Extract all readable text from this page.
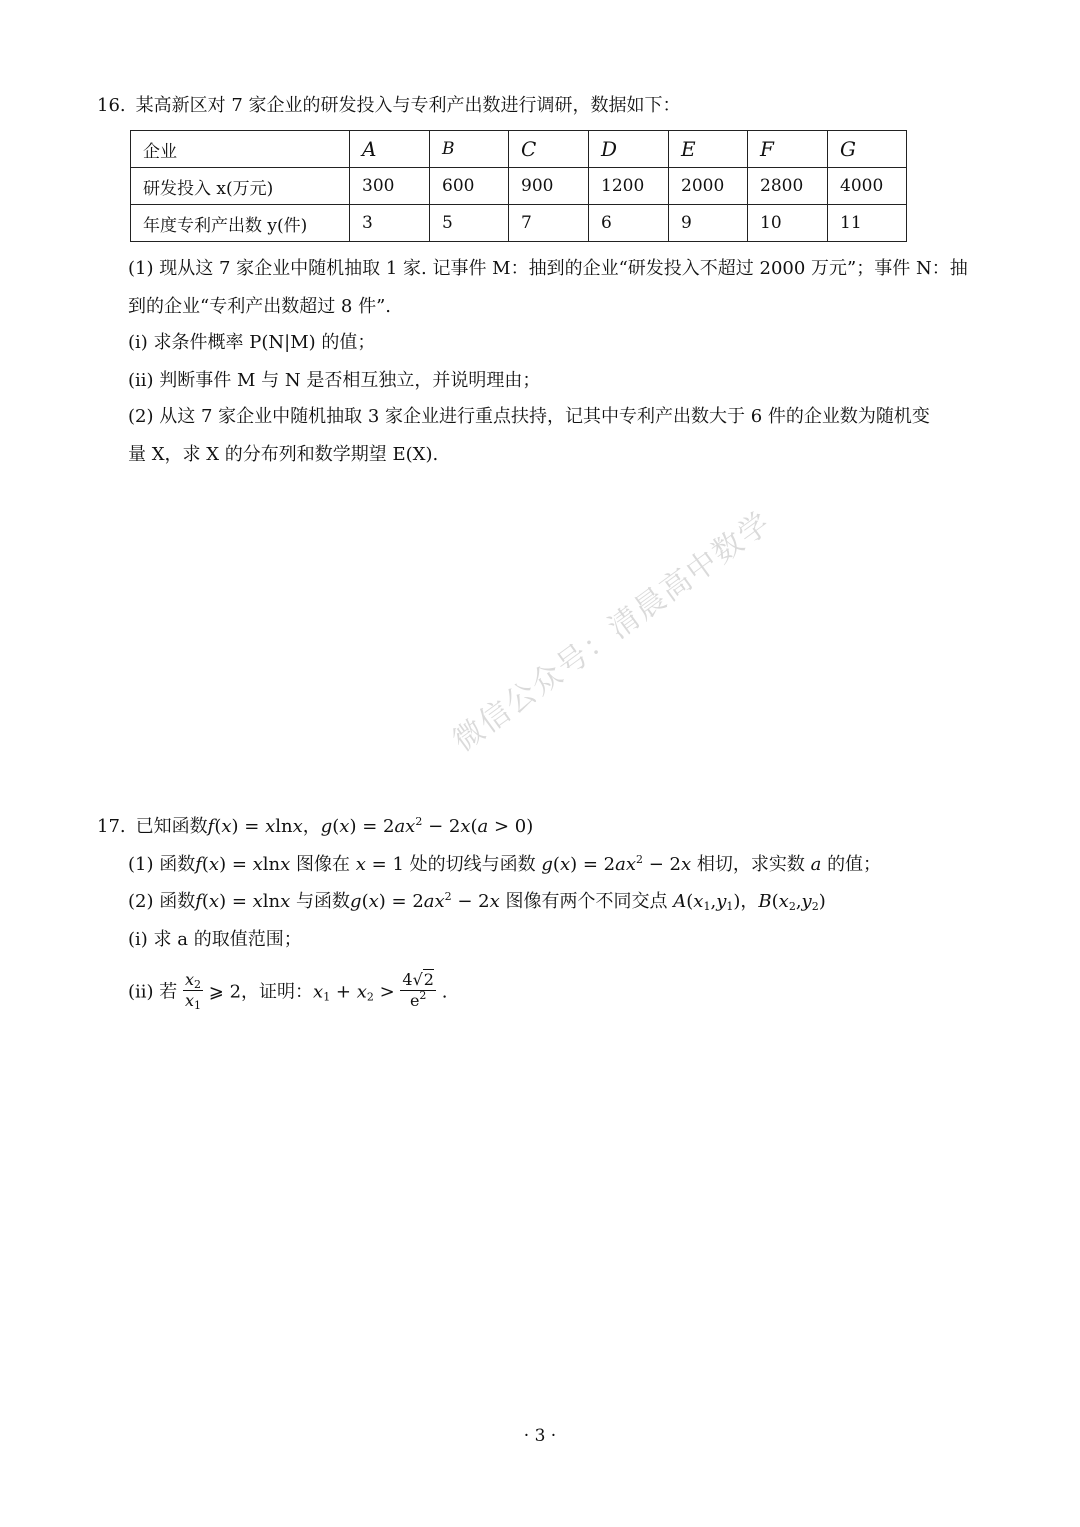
16. 某高新区对 7 家企业的研发投入与专利产出数进行调研，数据如下：
企业	A	B	C	D	E	F	G
研发投入 x(万元)	300	600	900	1200	2000	2800	4000
年度专利产出数 y(件)	3	5	7	6	9	10	11
(1) 现从这 7 家企业中随机抽取 1 家. 记事件 M：抽到的企业“研发投入不超过 2000 万元”；事件 N：抽
到的企业“专利产出数超过 8 件”.
(i) 求条件概率 P(N|M) 的值；
(ii) 判断事件 M 与 N 是否相互独立，并说明理由；
(2) 从这 7 家企业中随机抽取 3 家企业进行重点扶持，记其中专利产出数大于 6 件的企业数为随机变
量 X，求 X 的分布列和数学期望 E(X).
微信公众号：清晨高中数学
17. 已知函数f(x) = xlnx，$g(x) = 2ax^2 - 2x(a > 0)$
(1) 函数f(x) = xlnx 图像在 x = 1 处的切线与函数 $g(x) = 2ax^2 - 2x$ 相切，求实数 a 的值；
(2) 函数f(x) = xlnx 与函数$g(x) = 2ax^2 - 2x$ 图像有两个不同交点 $A(x_1,y_1)$，$B(x_2,y_2)$
(i) 求 a 的取值范围；
(ii) 若 $\frac{x_2}{x_1}$ ⩾ 2，证明：$x_1 + x_2 > \frac{4√2}{e^2}$ .
· 3 ·
